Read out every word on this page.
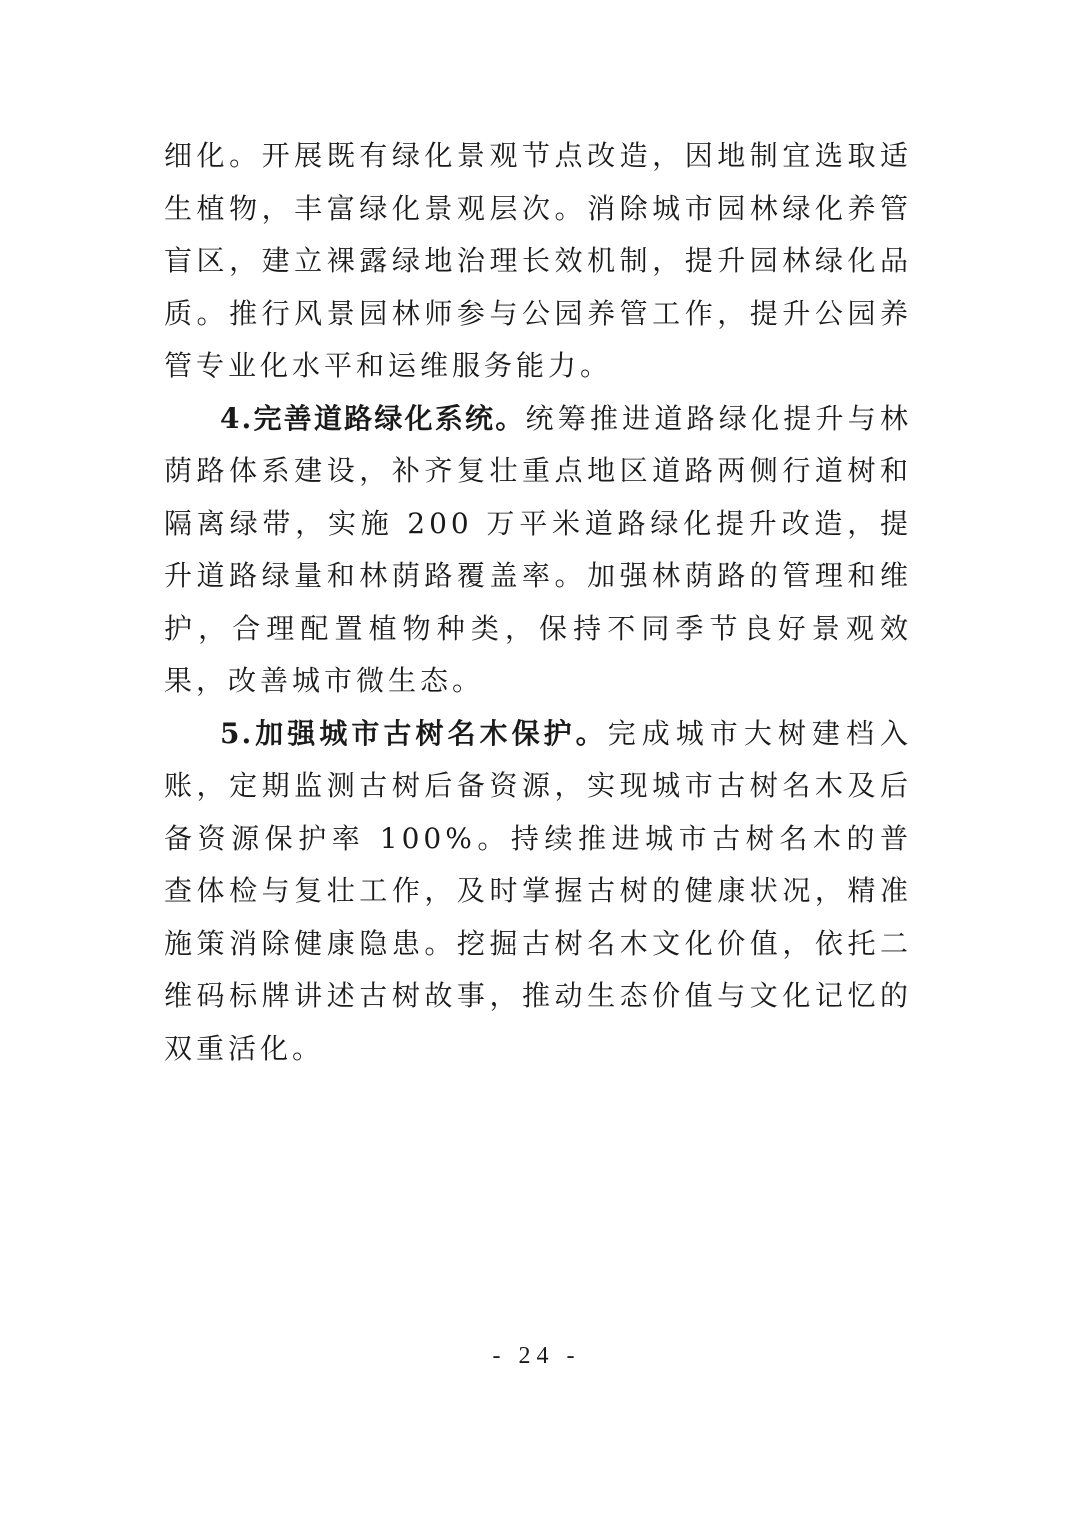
细化。开展既有绿化景观节点改造，因地制宜选取适生植物，丰富绿化景观层次。消除城市园林绿化养管盲区，建立裸露绿地治理长效机制，提升园林绿化品质。推行风景园林师参与公园养管工作，提升公园养管专业化水平和运维服务能力。

4.完善道路绿化系统。统筹推进道路绿化提升与林荫路体系建设，补齐复壮重点地区道路两侧行道树和隔离绿带，实施 200 万平米道路绿化提升改造，提升道路绿量和林荫路覆盖率。加强林荫路的管理和维护，合理配置植物种类，保持不同季节良好景观效果，改善城市微生态。

5.加强城市古树名木保护。完成城市大树建档入账，定期监测古树后备资源，实现城市古树名木及后备资源保护率 100%。持续推进城市古树名木的普查体检与复壮工作，及时掌握古树的健康状况，精准施策消除健康隐患。挖掘古树名木文化价值，依托二维码标牌讲述古树故事，推动生态价值与文化记忆的双重活化。

- 24 -
